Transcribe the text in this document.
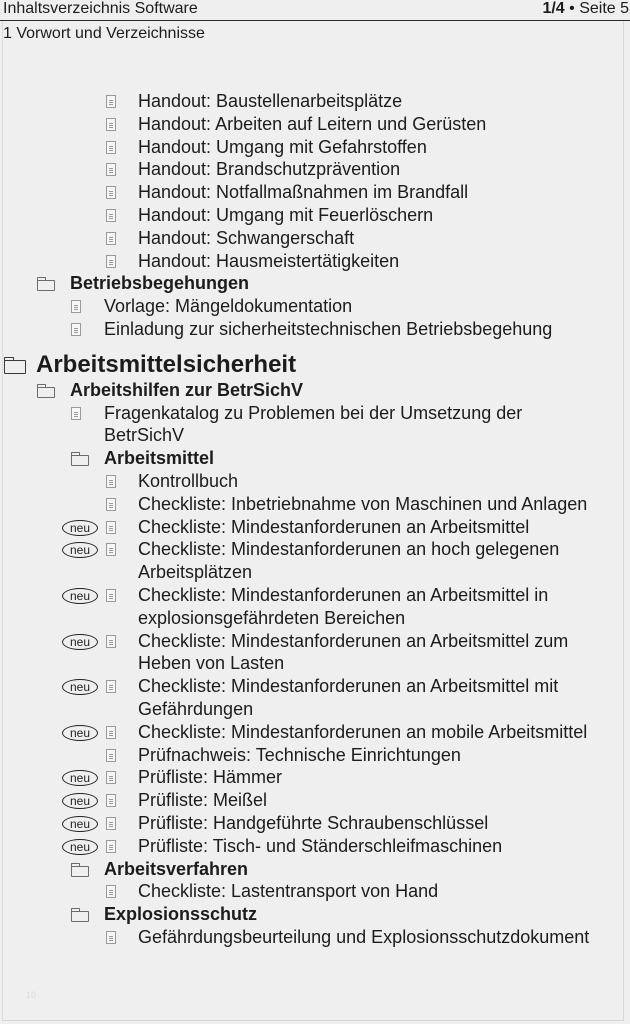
Inhaltsverzeichnis Software	1/4 • Seite 5
1 Vorwort und Verzeichnisse
Handout: Baustellenarbeitsplätze
Handout: Arbeiten auf Leitern und Gerüsten
Handout: Umgang mit Gefahrstoffen
Handout: Brandschutzprävention
Handout: Notfallmaßnahmen im Brandfall
Handout: Umgang mit Feuerlöschern
Handout: Schwangerschaft
Handout: Hausmeistertätigkeiten
Betriebsbegehungen
Vorlage: Mängeldokumentation
Einladung zur sicherheitstechnischen Betriebsbegehung
Arbeitsmittelsicherheit
Arbeitshilfen zur BetrSichV
Fragenkatalog zu Problemen bei der Umsetzung der
BetrSichV
Arbeitsmittel
Kontrollbuch
Checkliste: Inbetriebnahme von Maschinen und Anlagen
neu	Checkliste: Mindestanforderunen an Arbeitsmittel
neu	Checkliste: Mindestanforderunen an hoch gelegenen
Arbeitsplätzen
neu	Checkliste: Mindestanforderunen an Arbeitsmittel in
explosionsgefährdeten Bereichen
neu	Checkliste: Mindestanforderunen an Arbeitsmittel zum
Heben von Lasten
neu	Checkliste: Mindestanforderunen an Arbeitsmittel mit
Gefährdungen
neu	Checkliste: Mindestanforderunen an mobile Arbeitsmittel
Prüfnachweis: Technische Einrichtungen
neu	Prüfliste: Hämmer
neu	Prüfliste: Meißel
neu	Prüfliste: Handgeführte Schraubenschlüssel
neu	Prüfliste: Tisch- und Ständerschleifmaschinen
Arbeitsverfahren
Checkliste: Lastentransport von Hand
Explosionsschutz
Gefährdungsbeurteilung und Explosionsschutzdokument
10
